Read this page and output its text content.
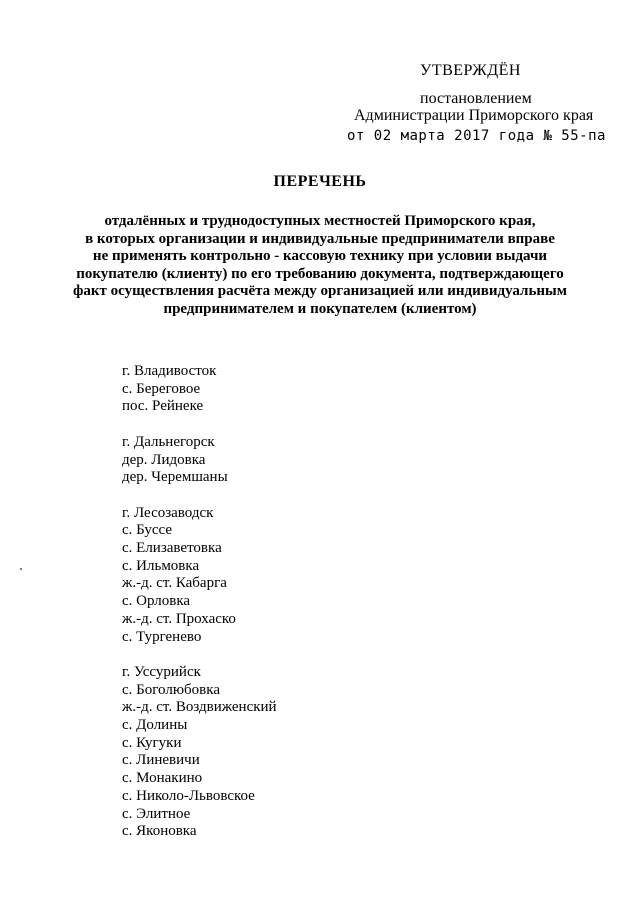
УТВЕРЖДЁН
постановлением
Администрации Приморского края
от 02 марта 2017 года № 55-па
ПЕРЕЧЕНЬ
отдалённых и труднодоступных местностей Приморского края,
в которых организации и индивидуальные предприниматели вправе
не применять контрольно - кассовую технику при условии выдачи
покупателю (клиенту) по его требованию документа, подтверждающего
факт осуществления расчёта между организацией или индивидуальным
предпринимателем и покупателем (клиентом)
г. Владивосток
с. Береговое
пос. Рейнеке
г. Дальнегорск
дер. Лидовка
дер. Черемшаны
г. Лесозаводск
с. Буссе
с. Елизаветовка
с. Ильмовка
ж.-д. ст. Кабарга
с. Орловка
ж.-д. ст. Прохаско
с. Тургенево
г. Уссурийск
с. Боголюбовка
ж.-д. ст. Воздвиженский
с. Долины
с. Кугуки
с. Линевичи
с. Монакино
с. Николо-Львовское
с. Элитное
с. Яконовка
